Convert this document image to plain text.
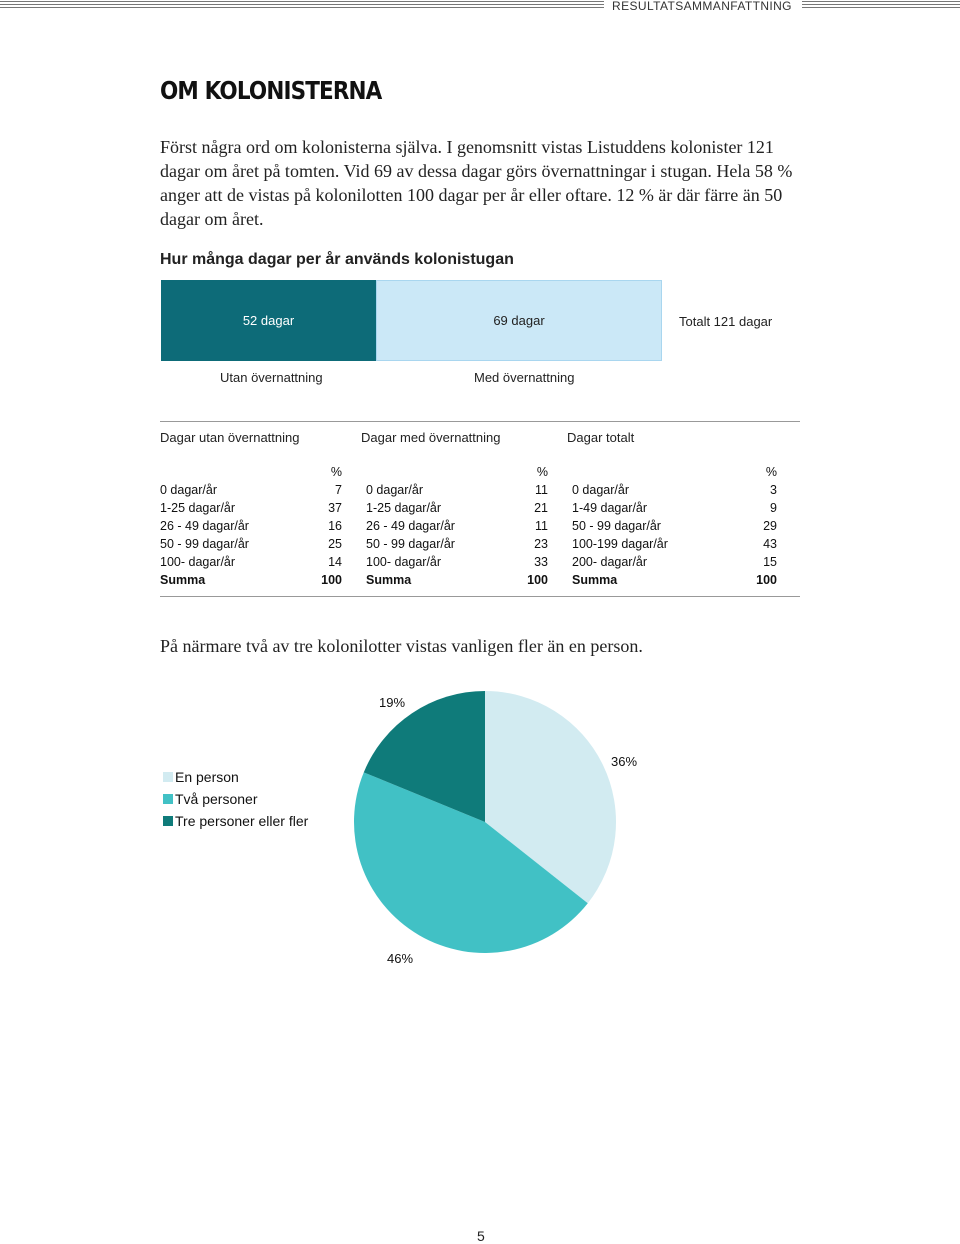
RESULTATSAMMANFATTNING
OM KOLONISTERNA

Först några ord om kolonisterna själva. I genomsnitt vistas Listuddens kolonister 121 dagar om året på tomten. Vid 69 av dessa dagar görs övernattningar i stugan. Hela 58 % anger att de vistas på kolonilotten 100 dagar per år eller oftare. 12 % är där färre än 50 dagar om året.

Hur många dagar per år används kolonistugan
52 dagar	69 dagar	Totalt 121 dagar
Utan övernattning	Med övernattning
Dagar utan övernattning	Dagar med övernattning	Dagar totalt
%
0 dagar/år	7
1-25 dagar/år	37
26 - 49 dagar/år	16
50 - 99 dagar/år	25
100- dagar/år	14
Summa	100
%
0 dagar/år	11
1-25 dagar/år	21
26 - 49 dagar/år	11
50 - 99 dagar/år	23
100- dagar/år	33
Summa	100
%
0 dagar/år	3
1-49 dagar/år	9
50 - 99 dagar/år	29
100-199 dagar/år	43
200- dagar/år	15
Summa	100

På närmare två av tre kolonilotter vistas vanligen fler än en person.

En person
Två personer
Tre personer eller fler
36%
46%
19%
5
